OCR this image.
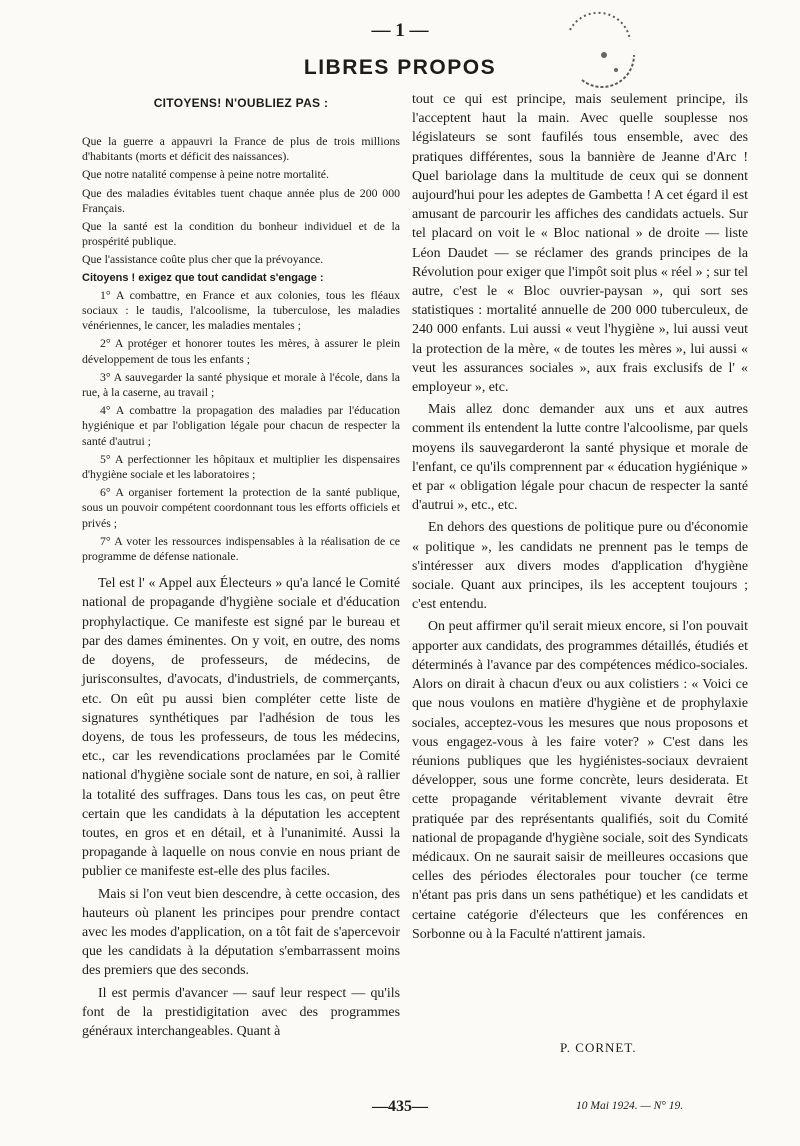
— 1 —
LIBRES PROPOS
CITOYENS! N'OUBLIEZ PAS :

Que la guerre a appauvri la France de plus de trois millions d'habitants (morts et déficit des naissances).

Que notre natalité compense à peine notre mortalité.

Que des maladies évitables tuent chaque année plus de 200 000 Français.

Que la santé est la condition du bonheur individuel et de la prospérité publique.

Que l'assistance coûte plus cher que la prévoyance.

Citoyens ! exigez que tout candidat s'engage :

1° A combattre, en France et aux colonies, tous les fléaux sociaux : le taudis, l'alcoolisme, la tuberculose, les maladies vénériennes, le cancer, les maladies mentales ;

2° A protéger et honorer toutes les mères, à assurer le plein développement de tous les enfants ;

3° A sauvegarder la santé physique et morale à l'école, dans la rue, à la caserne, au travail ;

4° A combattre la propagation des maladies par l'éducation hygiénique et par l'obligation légale pour chacun de respecter la santé d'autrui ;

5° A perfectionner les hôpitaux et multiplier les dispensaires d'hygiène sociale et les laboratoires ;

6° A organiser fortement la protection de la santé publique, sous un pouvoir compétent coordonnant tous les efforts officiels et privés ;

7° A voter les ressources indispensables à la réalisation de ce programme de défense nationale.

Tel est l' « Appel aux Électeurs » qu'a lancé le Comité national de propagande d'hygiène sociale et d'éducation prophylactique. Ce manifeste est signé par le bureau et par des dames éminentes. On y voit, en outre, des noms de doyens, de professeurs, de médecins, de jurisconsultes, d'avocats, d'industriels, de commerçants, etc. On eût pu aussi bien compléter cette liste de signatures synthétiques par l'adhésion de tous les doyens, de tous les professeurs, de tous les médecins, etc., car les revendications proclamées par le Comité national d'hygiène sociale sont de nature, en soi, à rallier la totalité des suffrages. Dans tous les cas, on peut être certain que les candidats à la députation les acceptent toutes, en gros et en détail, et à l'unanimité. Aussi la propagande à laquelle on nous convie en nous priant de publier ce manifeste est-elle des plus faciles.

Mais si l'on veut bien descendre, à cette occasion, des hauteurs où planent les principes pour prendre contact avec les modes d'application, on a tôt fait de s'apercevoir que les candidats à la députation s'embarrassent moins des premiers que des seconds.

Il est permis d'avancer — sauf leur respect — qu'ils font de la prestidigitation avec des programmes généraux interchangeables. Quant à

tout ce qui est principe, mais seulement principe, ils l'acceptent haut la main. Avec quelle souplesse nos législateurs se sont faufilés tous ensemble, avec des pratiques différentes, sous la bannière de Jeanne d'Arc ! Quel bariolage dans la multitude de ceux qui se donnent aujourd'hui pour les adeptes de Gambetta ! A cet égard il est amusant de parcourir les affiches des candidats actuels. Sur tel placard on voit le « Bloc national » de droite — liste Léon Daudet — se réclamer des grands principes de la Révolution pour exiger que l'impôt soit plus « réel » ; sur tel autre, c'est le « Bloc ouvrier-paysan », qui sort ses statistiques : mortalité annuelle de 200 000 tuberculeux, de 240 000 enfants. Lui aussi « veut l'hygiène », lui aussi veut la protection de la mère, « de toutes les mères », lui aussi « veut les assurances sociales », aux frais exclusifs de l' « employeur », etc.

Mais allez donc demander aux uns et aux autres comment ils entendent la lutte contre l'alcoolisme, par quels moyens ils sauvegarderont la santé physique et morale de l'enfant, ce qu'ils comprennent par « éducation hygiénique » et par « obligation légale pour chacun de respecter la santé d'autrui », etc., etc.

En dehors des questions de politique pure ou d'économie « politique », les candidats ne prennent pas le temps de s'intéresser aux divers modes d'application d'hygiène sociale. Quant aux principes, ils les acceptent toujours ; c'est entendu.

On peut affirmer qu'il serait mieux encore, si l'on pouvait apporter aux candidats, des programmes détaillés, étudiés et déterminés à l'avance par des compétences médico-sociales. Alors on dirait à chacun d'eux ou aux colistiers : « Voici ce que nous voulons en matière d'hygiène et de prophylaxie sociales, acceptez-vous les mesures que nous proposons et vous engagez-vous à les faire voter? » C'est dans les réunions publiques que les hygiénistes-sociaux devraient développer, sous une forme concrète, leurs desiderata. Et cette propagande véritablement vivante devrait être pratiquée par des représentants qualifiés, soit du Comité national de propagande d'hygiène sociale, soit des Syndicats médicaux. On ne saurait saisir de meilleures occasions que celles des périodes électorales pour toucher (ce terme n'étant pas pris dans un sens pathétique) et les candidats et certaine catégorie d'électeurs que les conférences en Sorbonne ou à la Faculté n'attirent jamais.

P. CORNET.
—435—	10 Mai 1924. — N° 19.
